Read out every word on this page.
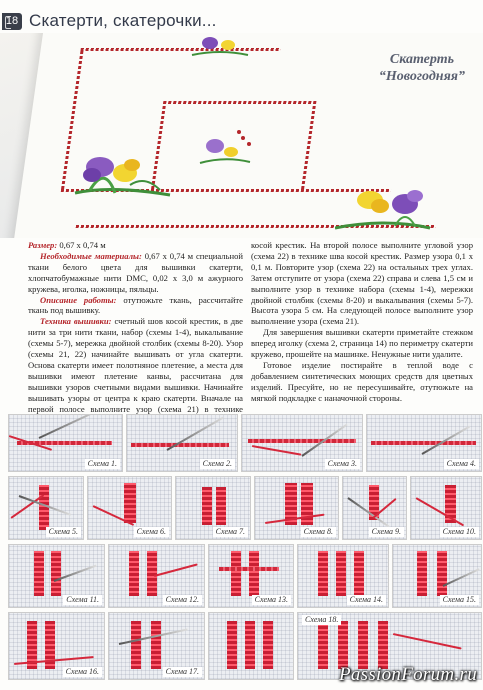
18 Скатерти, скатерочки...
Скатерть
“Новогодняя”

Размер: 0,67 х 0,74 м

Необходимые материалы: 0,67 х 0,74 м специальной ткани белого цвета для вышивки скатерти, хлопчатобумажные нити DMC, 0,02 х 3,0 м ажурного кружева, иголка, ножницы, пяльцы.

Описание работы: отутюжьте ткань, рассчитайте ткань под вышивку.

Техника вышивки: счетный шов косой крестик, в две нити за три нити ткани, набор (схемы 1-4), выкалывание (схемы 5-7), мережка двойной столбик (схемы 8-20). Узор (схемы 21, 22) начинайте вышивать от угла скатерти. Основа скатерти имеет полотняное плетение, а места для вышивки имеют плетение канвы, рассчитана для вышивки узоров счетными видами вышивки. Начинайте вышивать узоры от центра к краю скатерти. Вначале на первой полосе выполните узор (схема 21) в технике

косой крестик. На второй полосе выполните угловой узор (схема 22) в технике шва косой крестик. Размер узора 0,1 х 0,1 м. Повторите узор (схема 22) на остальных трех углах. Затем отступите от узора (схема 22) справа и слева 1,5 см и выполните узор в технике набора (схемы 1-4), мережки двойной столбик (схемы 8-20) и выкалывания (схемы 5-7). Высота узора 5 см. На следующей полосе выполните узор выполнение узора (схема 21).

Для завершения вышивки скатерти приметайте стежком вперед иголку (схема 2, страница 14) по периметру скатерти кружево, прошейте на машинке. Ненужные нити удалите.

Готовое изделие постирайте в теплой воде с добавлением синтетических моющих средств для цветных изделий. Пресуйте, но не пересушивайте, отутюжьте на мягкой подкладке с наначочной стороны.

Схема 1.	Схема 2.	Схема 3.	Схема 4.
Схема 5.	Схема 6.	Схема 7.	Схема 8.	Схема 9.	Схема 10.
Схема 11.	Схема 12.	Схема 13.	Схема 14.	Схема 15.
Схема 16.	Схема 17.
Схема 18.
PassionForum.ru
